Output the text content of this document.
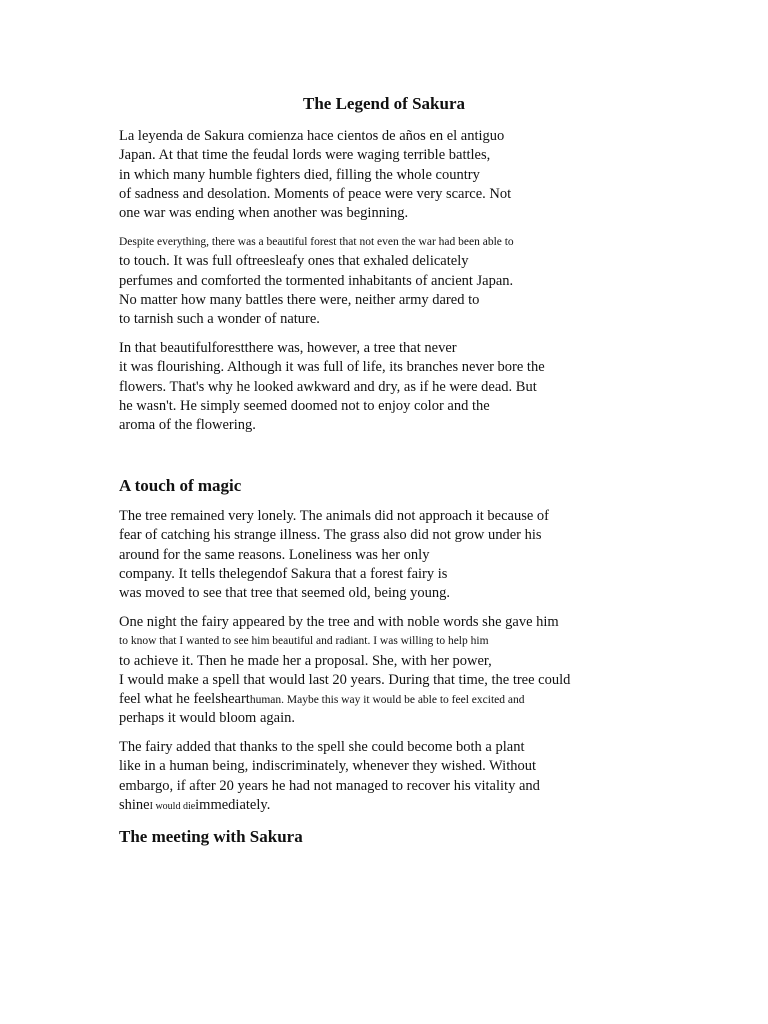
The Legend of Sakura
La leyenda de Sakura comienza hace cientos de años en el antiguo
Japan. At that time the feudal lords were waging terrible battles,
in which many humble fighters died, filling the whole country
of sadness and desolation. Moments of peace were very scarce. Not
one war was ending when another was beginning.
Despite everything, there was a beautiful forest that not even the war had been able to
to touch. It was full oftreesleafy ones that exhaled delicately
perfumes and comforted the tormented inhabitants of ancient Japan.
No matter how many battles there were, neither army dared to
to tarnish such a wonder of nature.
In that beautifulforestthere was, however, a tree that never
it was flourishing. Although it was full of life, its branches never bore the
flowers. That's why he looked awkward and dry, as if he were dead. But
he wasn't. He simply seemed doomed not to enjoy color and the
aroma of the flowering.
A touch of magic
The tree remained very lonely. The animals did not approach it because of
fear of catching his strange illness. The grass also did not grow under his
around for the same reasons. Loneliness was her only
company. It tells thelegendof Sakura that a forest fairy is
was moved to see that tree that seemed old, being young.
One night the fairy appeared by the tree and with noble words she gave him
to know that I wanted to see him beautiful and radiant. I was willing to help him
to achieve it. Then he made her a proposal. She, with her power,
I would make a spell that would last 20 years. During that time, the tree could
feel what he feelshearthuman. Maybe this way it would be able to feel excited and
perhaps it would bloom again.
The fairy added that thanks to the spell she could become both a plant
like in a human being, indiscriminately, whenever they wished. Without
embargo, if after 20 years he had not managed to recover his vitality and
shineI would dieimmediately.
The meeting with Sakura
